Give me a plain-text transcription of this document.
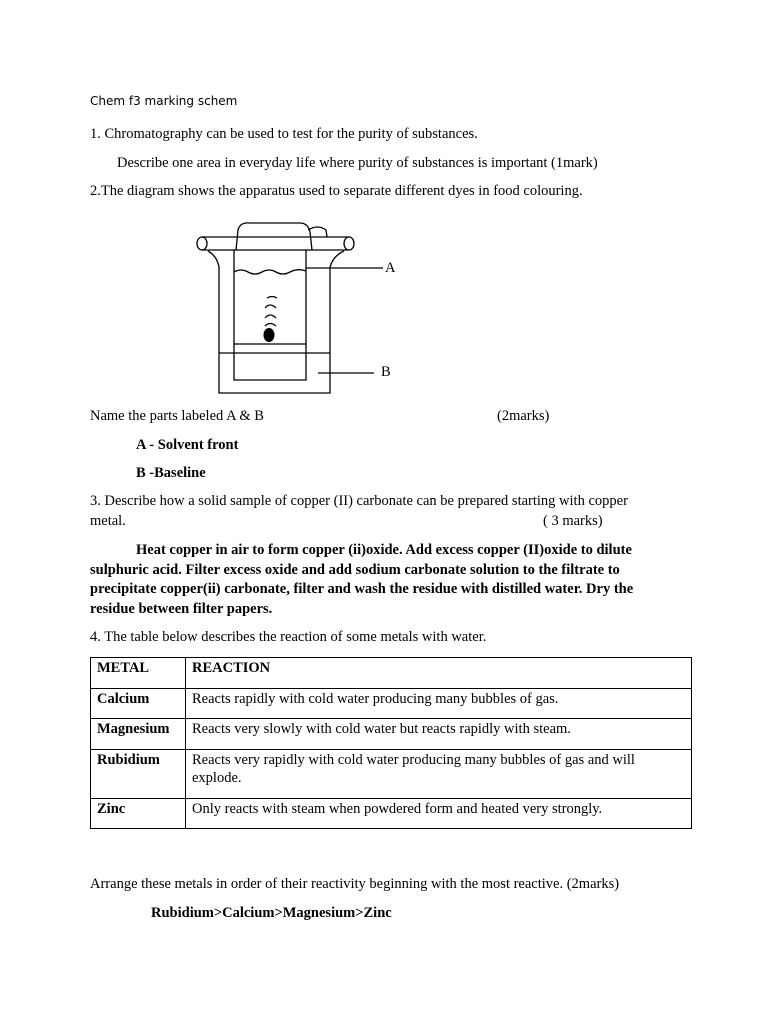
Chem f3 marking schem
1. Chromatography can be used to test for the purity of substances.
Describe one area in everyday life where purity of substances is important (1mark)
2.The diagram shows the apparatus used to separate different dyes in food colouring.
A
B
Name the parts labeled A & B	(2marks)
A - Solvent front
B -Baseline
3. Describe how a solid sample of copper (II) carbonate can be prepared starting with copper
metal.	( 3 marks)
Heat copper in air to form copper (ii)oxide. Add excess copper (II)oxide to dilute sulphuric acid. Filter excess oxide and add sodium carbonate solution to the filtrate to precipitate copper(ii) carbonate, filter and wash the residue with distilled water. Dry the residue between filter papers.
4. The table below describes the reaction of some metals with water.
METAL	REACTION
Calcium	Reacts rapidly with cold water producing many bubbles of gas.
Magnesium	Reacts very slowly with cold water but reacts rapidly with steam.
Rubidium	Reacts very rapidly with cold water producing many bubbles of gas and will explode.
Zinc	Only reacts with steam when powdered form and heated very strongly.
Arrange these metals in order of their reactivity beginning with the most reactive. (2marks)
Rubidium>Calcium>Magnesium>Zinc
